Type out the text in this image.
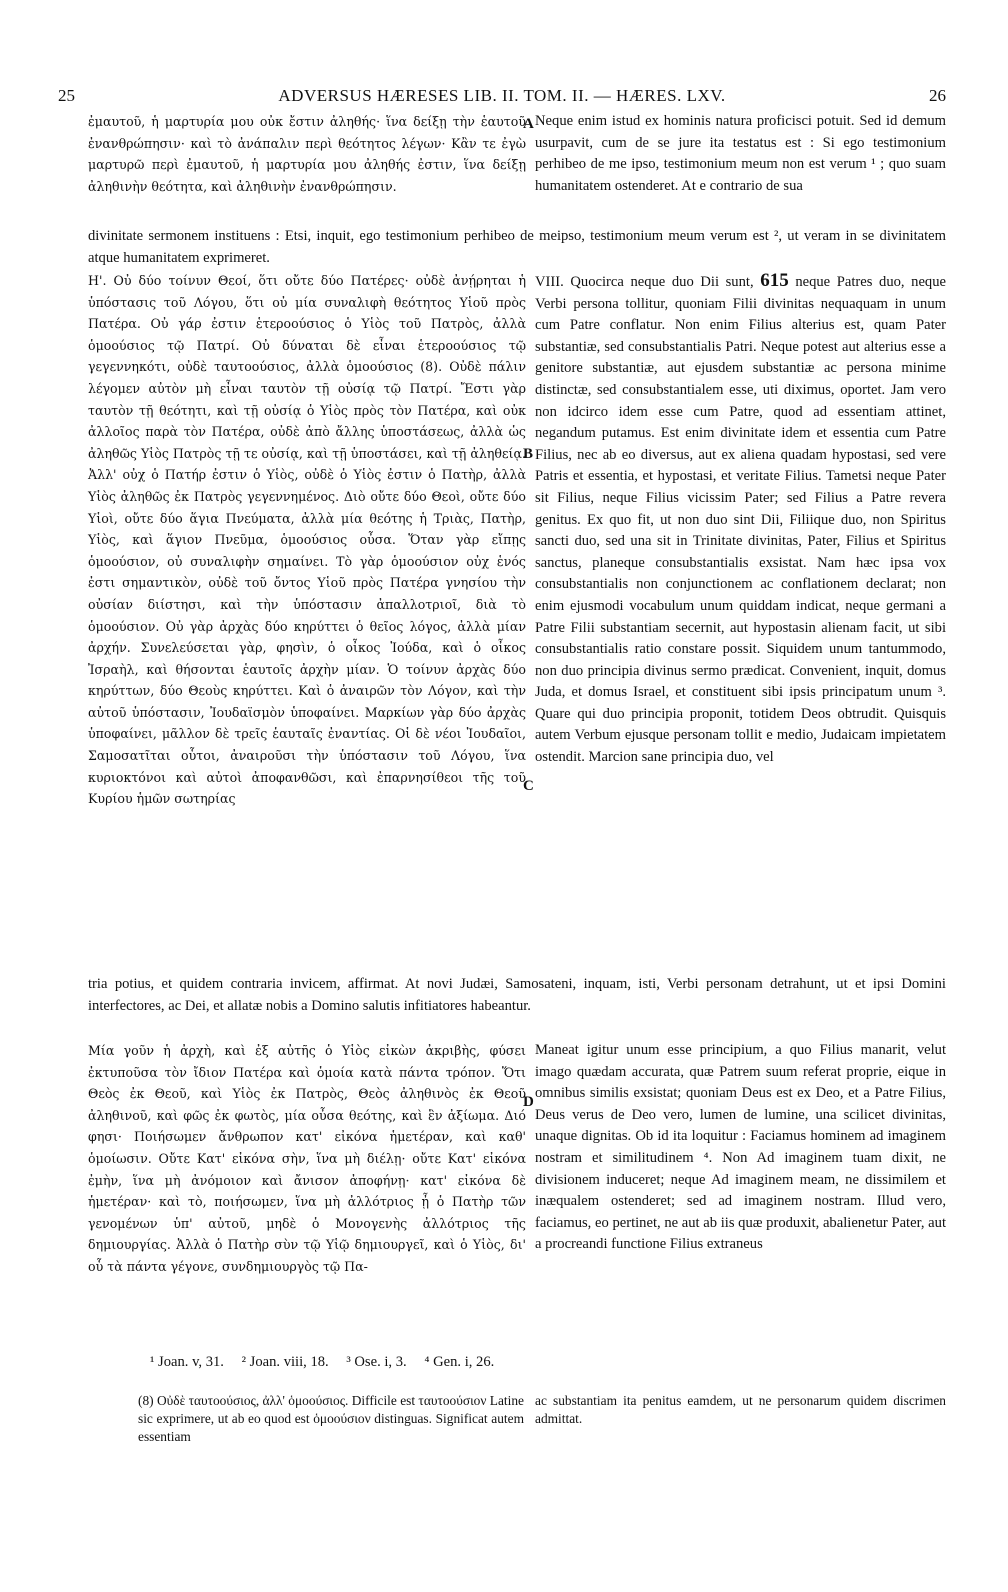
25	ADVERSUS HÆRESES LIB. II. TOM. II. — HÆRES. LXV.	26

ἐμαυτοῦ, ἡ μαρτυρία μου οὐκ ἔστιν ἀληθής· ἵνα δείξῃ τὴν ἑαυτοῦ ἐνανθρώπησιν· καὶ τὸ ἀνάπαλιν περὶ θεότητος λέγων· Κἂν τε ἐγὼ μαρτυρῶ περὶ ἐμαυτοῦ, ἡ μαρτυρία μου ἀληθής ἐστιν, ἵνα δείξῃ ἀληθινὴν θεότητα, καὶ ἀληθινὴν ἐνανθρώπησιν.

Neque enim istud ex hominis natura proficisci potuit. Sed id demum usurpavit, cum de se jure ita testatus est : Si ego testimonium perhibeo de me ipso, testimonium meum non est verum ¹ ; quo suam humanitatem ostenderet. At e contrario de sua

A

divinitate sermonem instituens : Etsi, inquit, ego testimonium perhibeo de meipso, testimonium meum verum est ², ut veram in se divinitatem atque humanitatem exprimeret.

Η'. Οὐ δύο τοίνυν Θεοί, ὅτι οὔτε δύο Πατέρες· οὐδὲ ἀνῄρηται ἡ ὑπόστασις τοῦ Λόγου, ὅτι οὐ μία συναλιφὴ θεότητος Υἱοῦ πρὸς Πατέρα. Οὐ γάρ ἐστιν ἑτεροούσιος ὁ Υἱὸς τοῦ Πατρὸς, ἀλλὰ ὁμοούσιος τῷ Πατρί. Οὐ δύναται δὲ εἶναι ἑτεροούσιος τῷ γεγεννηκότι, οὐδὲ ταυτοούσιος, ἀλλὰ ὁμοούσιος (8). Οὐδὲ πάλιν λέγομεν αὐτὸν μὴ εἶναι ταυτὸν τῇ οὐσίᾳ τῷ Πατρί. Ἔστι γὰρ ταυτὸν τῇ θεότητι, καὶ τῇ οὐσίᾳ ὁ Υἱὸς πρὸς τὸν Πατέρα, καὶ οὐκ ἀλλοῖος παρὰ τὸν Πατέρα, οὐδὲ ἀπὸ ἄλλης ὑποστάσεως, ἀλλὰ ὡς ἀληθῶς Υἱὸς Πατρὸς τῇ τε οὐσίᾳ, καὶ τῇ ὑποστάσει, καὶ τῇ ἀληθείᾳ. Ἀλλ' οὐχ ὁ Πατήρ ἐστιν ὁ Υἱὸς, οὐδὲ ὁ Υἱὸς ἐστιν ὁ Πατὴρ, ἀλλὰ Υἱὸς ἀληθῶς ἐκ Πατρὸς γεγεννημένος. Διὸ οὔτε δύο Θεοὶ, οὔτε δύο Υἱοὶ, οὔτε δύο ἅγια Πνεύματα, ἀλλὰ μία θεότης ἡ Τριὰς, Πατὴρ, Υἱὸς, καὶ ἅγιον Πνεῦμα, ὁμοούσιος οὖσα. Ὅταν γὰρ εἴπῃς ὁμοούσιον, οὐ συναλιφὴν σημαίνει. Τὸ γὰρ ὁμοούσιον οὐχ ἑνός ἐστι σημαντικὸν, οὐδὲ τοῦ ὄντος Υἱοῦ πρὸς Πατέρα γνησίου τὴν οὐσίαν διίστησι, καὶ τὴν ὑπόστασιν ἀπαλλοτριοῖ, διὰ τὸ ὁμοούσιον. Οὐ γὰρ ἀρχὰς δύο κηρύττει ὁ θεῖος λόγος, ἀλλὰ μίαν ἀρχήν. Συνελεύσεται γὰρ, φησὶν, ὁ οἶκος Ἰούδα, καὶ ὁ οἶκος Ἰσραὴλ, καὶ θήσονται ἑαυτοῖς ἀρχὴν μίαν. Ὁ τοίνυν ἀρχὰς δύο κηρύττων, δύο Θεοὺς κηρύττει. Καὶ ὁ ἀναιρῶν τὸν Λόγον, καὶ τὴν αὐτοῦ ὑπόστασιν, Ἰουδαϊσμὸν ὑποφαίνει. Μαρκίων γὰρ δύο ἀρχὰς ὑποφαίνει, μᾶλλον δὲ τρεῖς ἑαυταῖς ἐναντίας. Οἱ δὲ νέοι Ἰουδαῖοι, Σαμοσατῖται οὗτοι, ἀναιροῦσι τὴν ὑπόστασιν τοῦ Λόγου, ἵνα κυριοκτόνοι καὶ αὐτοὶ ἀποφανθῶσι, καὶ ἐπαρνησίθεοι τῆς τοῦ Κυρίου ἡμῶν σωτηρίας

VIII. Quocirca neque duo Dii sunt, 615 neque Patres duo, neque Verbi persona tollitur, quoniam Filii divinitas nequaquam in unum cum Patre conflatur. Non enim Filius alterius est, quam Pater substantiæ, sed consubstantialis Patri. Neque potest aut alterius esse a genitore substantiæ, aut ejusdem substantiæ ac persona minime distinctæ, sed consubstantialem esse, uti diximus, oportet. Jam vero non idcirco idem esse cum Patre, quod ad essentiam attinet, negandum putamus. Est enim divinitate idem et essentia cum Patre Filius, nec ab eo diversus, aut ex aliena quadam hypostasi, sed vere Patris et essentia, et hypostasi, et veritate Filius. Tametsi neque Pater sit Filius, neque Filius vicissim Pater; sed Filius a Patre revera genitus. Ex quo fit, ut non duo sint Dii, Filiique duo, non Spiritus sancti duo, sed una sit in Trinitate divinitas, Pater, Filius et Spiritus sanctus, planeque consubstantialis exsistat. Nam hæc ipsa vox consubstantialis non conjunctionem ac conflationem declarat; non enim ejusmodi vocabulum unum quiddam indicat, neque germani a Patre Filii substantiam secernit, aut hypostasin alienam facit, ut sibi consubstantialis ratio constare possit. Siquidem unum tantummodo, non duo principia divinus sermo prædicat. Convenient, inquit, domus Juda, et domus Israel, et constituent sibi ipsis principatum unum ³. Quare qui duo principia proponit, totidem Deos obtrudit. Quisquis autem Verbum ejusque personam tollit e medio, Judaicam impietatem ostendit. Marcion sane principia duo, vel

B
C

tria potius, et quidem contraria invicem, affirmat. At novi Judæi, Samosateni, inquam, isti, Verbi personam detrahunt, ut et ipsi Domini interfectores, ac Dei, et allatæ nobis a Domino salutis infitiatores habeantur.

Μία γοῦν ἡ ἀρχὴ, καὶ ἐξ αὐτῆς ὁ Υἱὸς εἰκὼν ἀκριβὴς, φύσει ἐκτυποῦσα τὸν ἴδιον Πατέρα καὶ ὁμοία κατὰ πάντα τρόπον. Ὅτι Θεὸς ἐκ Θεοῦ, καὶ Υἱὸς ἐκ Πατρὸς, Θεὸς ἀληθινὸς ἐκ Θεοῦ ἀληθινοῦ, καὶ φῶς ἐκ φωτὸς, μία οὖσα θεότης, καὶ ἓν ἀξίωμα. Διό φησι· Ποιήσωμεν ἄνθρωπον κατ' εἰκόνα ἡμετέραν, καὶ καθ' ὁμοίωσιν. Οὔτε Κατ' εἰκόνα σὴν, ἵνα μὴ διέλῃ· οὔτε Κατ' εἰκόνα ἐμὴν, ἵνα μὴ ἀνόμοιον καὶ ἄνισον ἀποφήνῃ· κατ' εἰκόνα δὲ ἡμετέραν· καὶ τὸ, ποιήσωμεν, ἵνα μὴ ἀλλότριος ᾖ ὁ Πατὴρ τῶν γενομένων ὑπ' αὐτοῦ, μηδὲ ὁ Μονογενὴς ἀλλότριος τῆς δημιουργίας. Ἀλλὰ ὁ Πατὴρ σὺν τῷ Υἱῷ δημιουργεῖ, καὶ ὁ Υἱὸς, δι' οὗ τὰ πάντα γέγονε, συνδημιουργὸς τῷ Πα-

Maneat igitur unum esse principium, a quo Filius manarit, velut imago quædam accurata, quæ Patrem suum referat proprie, eique in omnibus similis exsistat; quoniam Deus est ex Deo, et a Patre Filius, Deus verus de Deo vero, lumen de lumine, una scilicet divinitas, unaque dignitas. Ob id ita loquitur : Faciamus hominem ad imaginem nostram et similitudinem ⁴. Non Ad imaginem tuam dixit, ne divisionem induceret; neque Ad imaginem meam, ne dissimilem et inæqualem ostenderet; sed ad imaginem nostram. Illud vero, faciamus, eo pertinet, ne aut ab iis quæ produxit, abalienetur Pater, aut a procreandi functione Filius extraneus

D
¹ Joan. v, 31. ² Joan. viii, 18. ³ Ose. i, 3. ⁴ Gen. i, 26.

(8) Οὐδὲ ταυτοούσιος, ἀλλ' ὁμοούσιος. Difficile est ταυτοούσιον Latine sic exprimere, ut ab eo quod est ὁμοούσιον distinguas. Significat autem essentiam

ac substantiam ita penitus eamdem, ut ne personarum quidem discrimen admittat.
